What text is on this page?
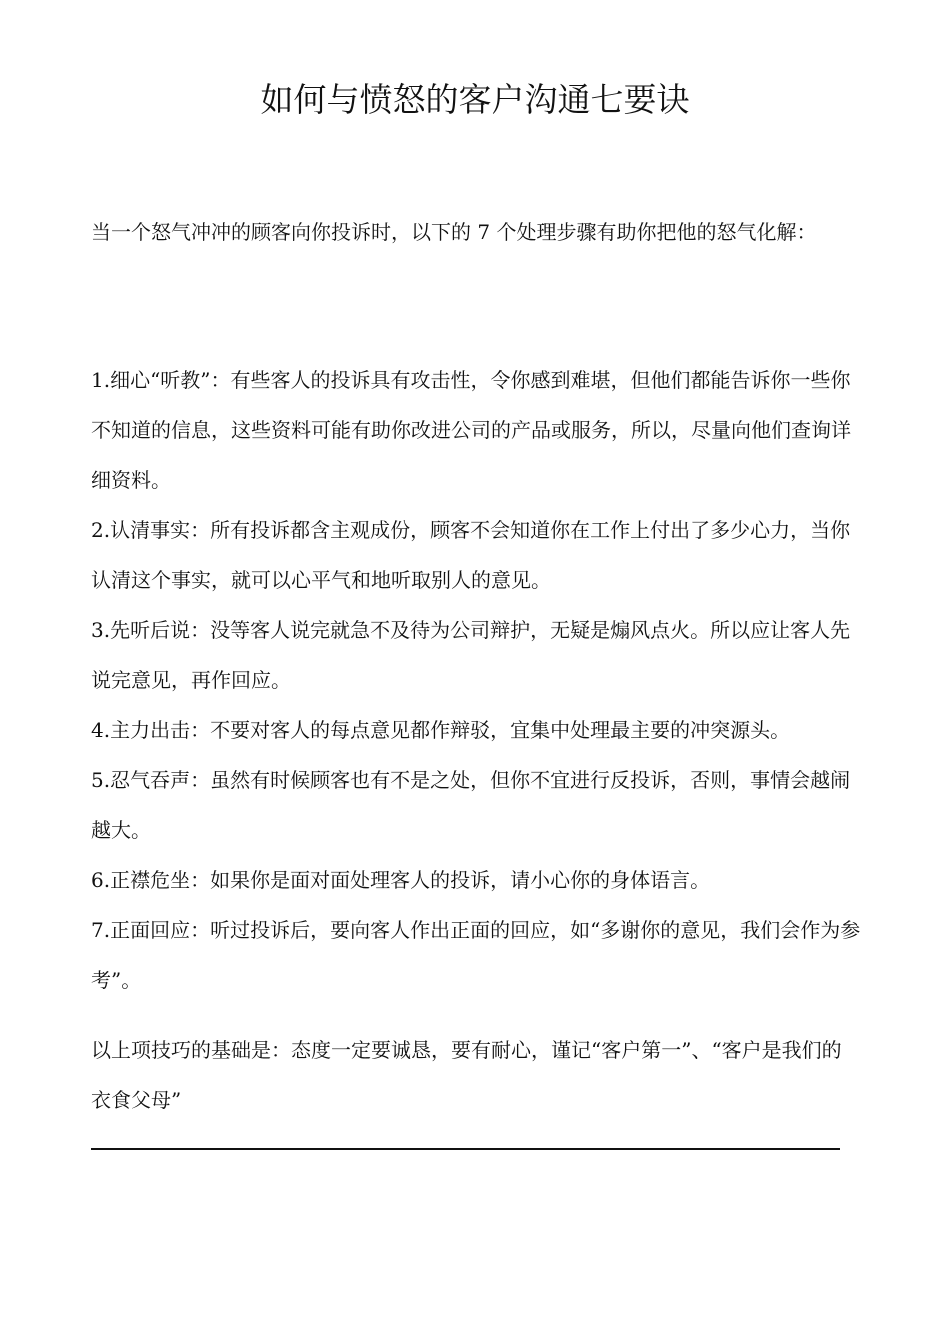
如何与愤怒的客户沟通七要诀

当一个怒气冲冲的顾客向你投诉时，以下的 7 个处理步骤有助你把他的怒气化解：

1.细心“听教”：有些客人的投诉具有攻击性，令你感到难堪，但他们都能告诉你一些你不知道的信息，这些资料可能有助你改进公司的产品或服务，所以，尽量向他们查询详细资料。

2.认清事实：所有投诉都含主观成份，顾客不会知道你在工作上付出了多少心力，当你认清这个事实，就可以心平气和地听取别人的意见。

3.先听后说：没等客人说完就急不及待为公司辩护，无疑是煽风点火。所以应让客人先说完意见，再作回应。

4.主力出击：不要对客人的每点意见都作辩驳，宜集中处理最主要的冲突源头。

5.忍气吞声：虽然有时候顾客也有不是之处，但你不宜进行反投诉，否则，事情会越闹越大。

6.正襟危坐：如果你是面对面处理客人的投诉，请小心你的身体语言。

7.正面回应：听过投诉后，要向客人作出正面的回应，如“多谢你的意见，我们会作为参考”。

以上项技巧的基础是：态度一定要诚恳，要有耐心，谨记“客户第一”、“客户是我们的衣食父母”
